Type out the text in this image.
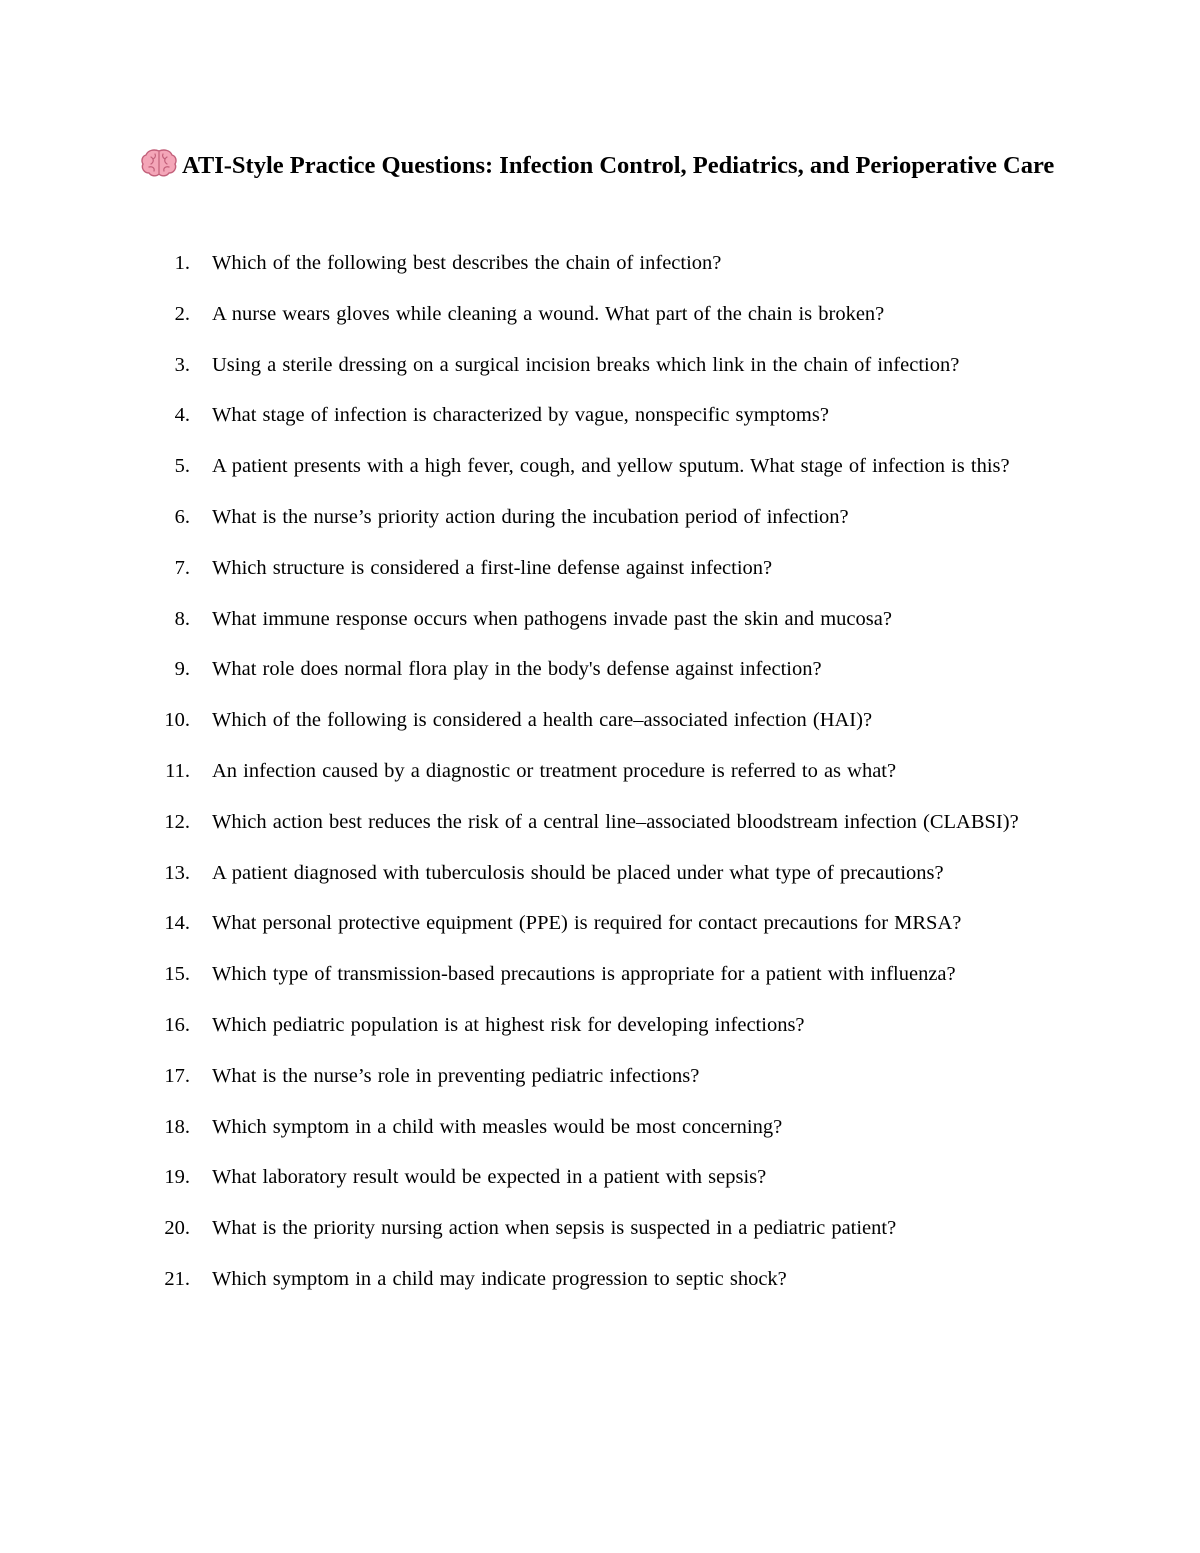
ATI-Style Practice Questions: Infection Control, Pediatrics, and Perioperative Care
1.	Which of the following best describes the chain of infection?
2.	A nurse wears gloves while cleaning a wound. What part of the chain is broken?
3.	Using a sterile dressing on a surgical incision breaks which link in the chain of infection?
4.	What stage of infection is characterized by vague, nonspecific symptoms?
5.	A patient presents with a high fever, cough, and yellow sputum. What stage of infection is this?
6.	What is the nurse’s priority action during the incubation period of infection?
7.	Which structure is considered a first-line defense against infection?
8.	What immune response occurs when pathogens invade past the skin and mucosa?
9.	What role does normal flora play in the body's defense against infection?
10.	Which of the following is considered a health care–associated infection (HAI)?
11.	An infection caused by a diagnostic or treatment procedure is referred to as what?
12.	Which action best reduces the risk of a central line–associated bloodstream infection (CLABSI)?
13.	A patient diagnosed with tuberculosis should be placed under what type of precautions?
14.	What personal protective equipment (PPE) is required for contact precautions for MRSA?
15.	Which type of transmission-based precautions is appropriate for a patient with influenza?
16.	Which pediatric population is at highest risk for developing infections?
17.	What is the nurse’s role in preventing pediatric infections?
18.	Which symptom in a child with measles would be most concerning?
19.	What laboratory result would be expected in a patient with sepsis?
20.	What is the priority nursing action when sepsis is suspected in a pediatric patient?
21.	Which symptom in a child may indicate progression to septic shock?
